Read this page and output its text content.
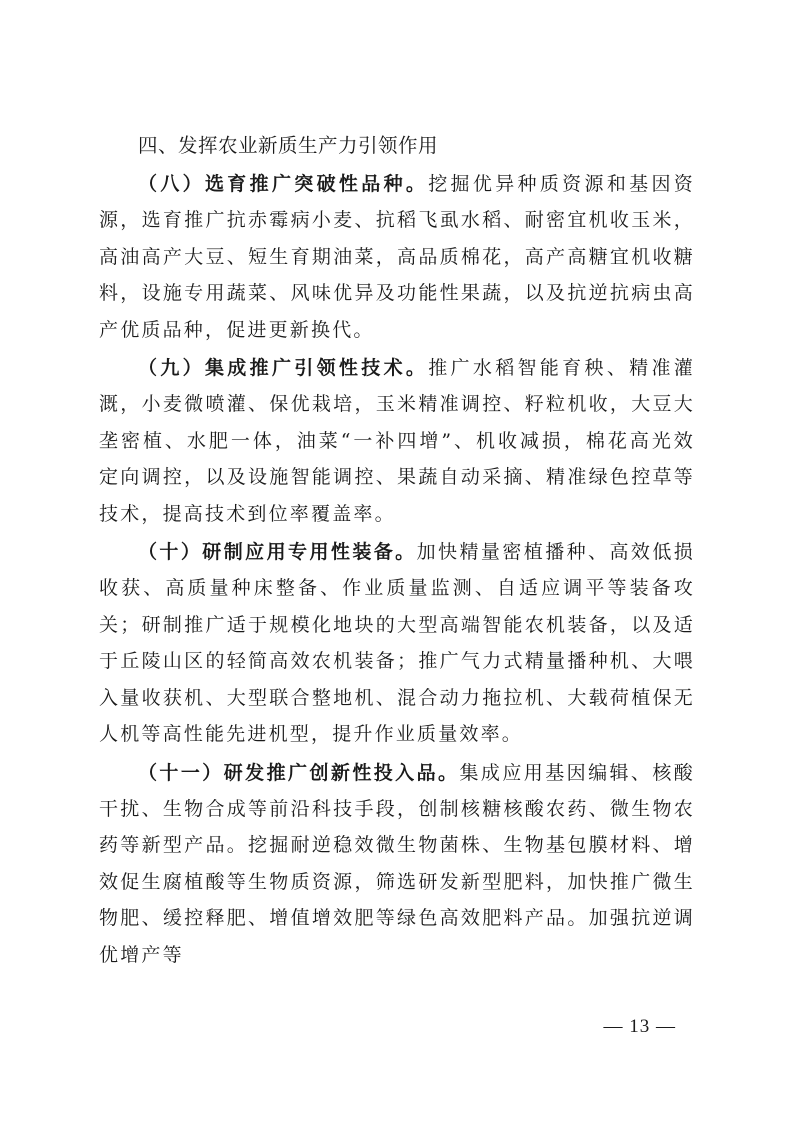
四、发挥农业新质生产力引领作用

（八）选育推广突破性品种。挖掘优异种质资源和基因资源，选育推广抗赤霉病小麦、抗稻飞虱水稻、耐密宜机收玉米，高油高产大豆、短生育期油菜，高品质棉花，高产高糖宜机收糖料，设施专用蔬菜、风味优异及功能性果蔬，以及抗逆抗病虫高产优质品种，促进更新换代。

（九）集成推广引领性技术。推广水稻智能育秧、精准灌溉，小麦微喷灌、保优栽培，玉米精准调控、籽粒机收，大豆大垄密植、水肥一体，油菜“一补四增”、机收减损，棉花高光效定向调控，以及设施智能调控、果蔬自动采摘、精准绿色控草等技术，提高技术到位率覆盖率。

（十）研制应用专用性装备。加快精量密植播种、高效低损收获、高质量种床整备、作业质量监测、自适应调平等装备攻关；研制推广适于规模化地块的大型高端智能农机装备，以及适于丘陵山区的轻简高效农机装备；推广气力式精量播种机、大喂入量收获机、大型联合整地机、混合动力拖拉机、大载荷植保无人机等高性能先进机型，提升作业质量效率。

（十一）研发推广创新性投入品。集成应用基因编辑、核酸干扰、生物合成等前沿科技手段，创制核糖核酸农药、微生物农药等新型产品。挖掘耐逆稳效微生物菌株、生物基包膜材料、增效促生腐植酸等生物质资源，筛选研发新型肥料，加快推广微生物肥、缓控释肥、增值增效肥等绿色高效肥料产品。加强抗逆调优增产等

— 13 —
